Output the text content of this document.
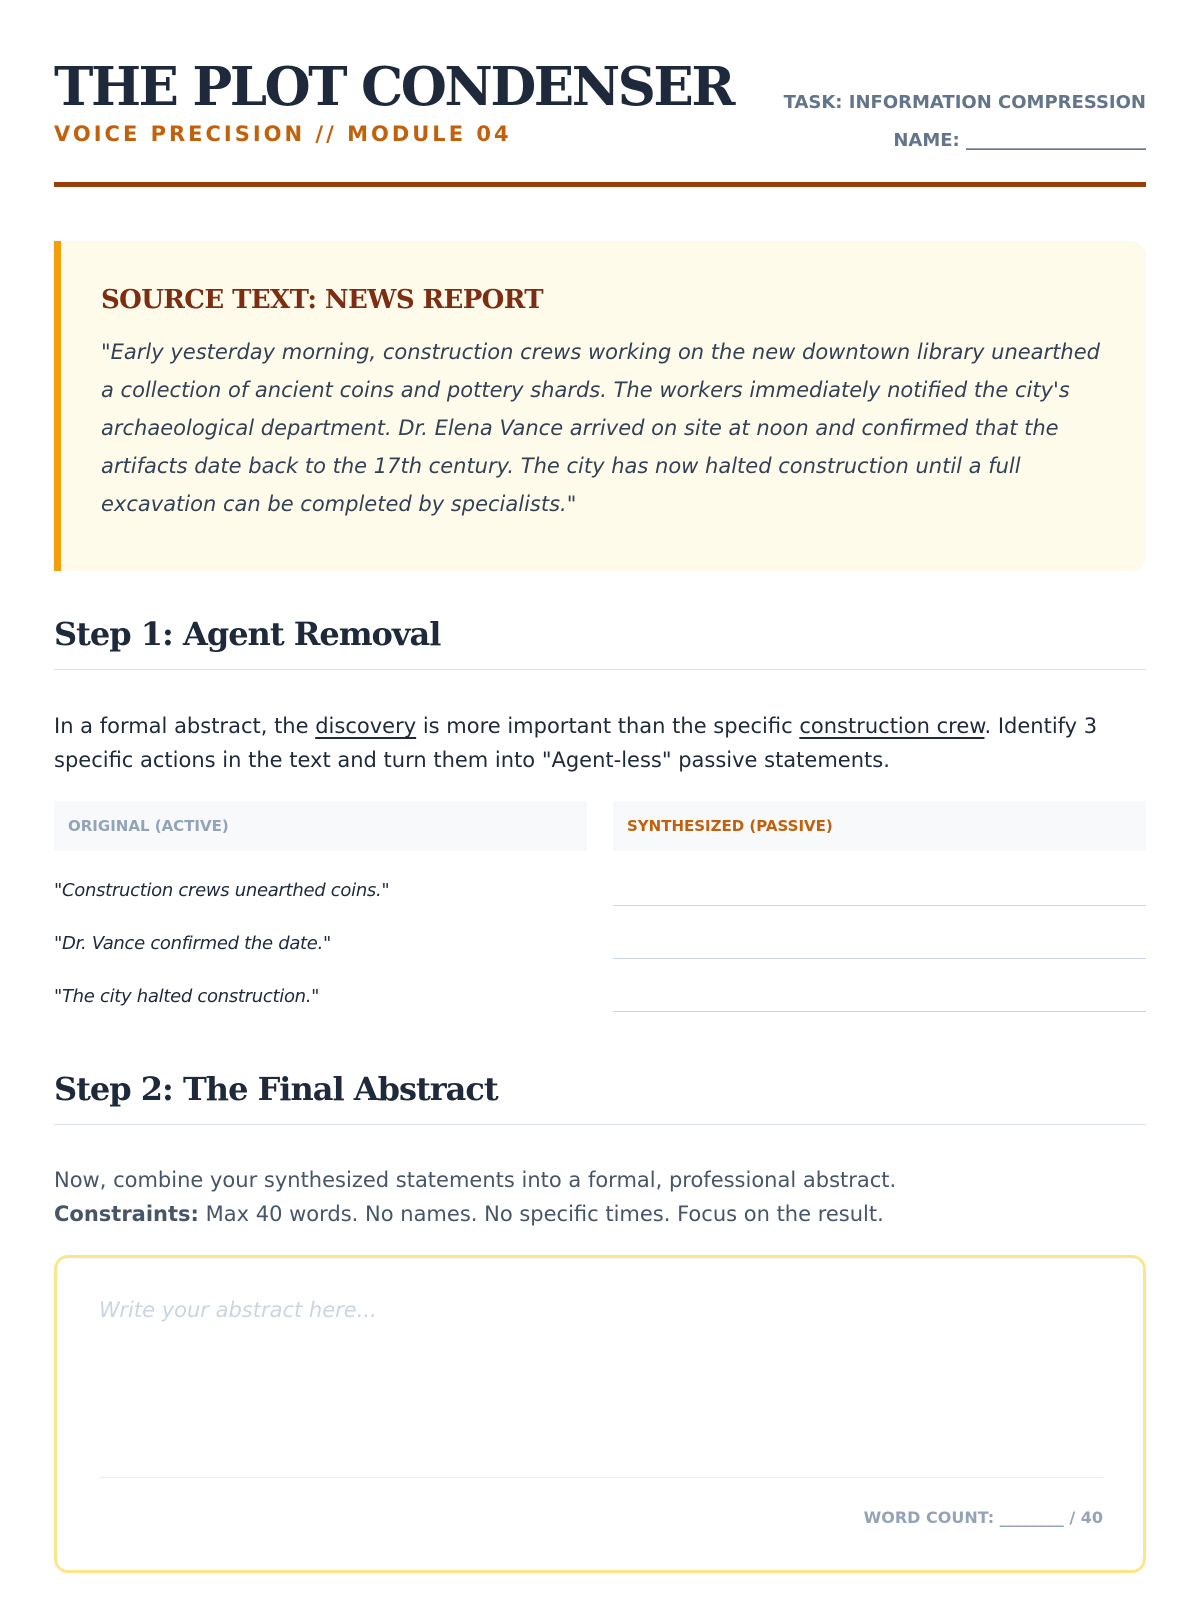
THE PLOT CONDENSER
VOICE PRECISION // MODULE 04
TASK: INFORMATION COMPRESSION
NAME: ____________________
SOURCE TEXT: NEWS REPORT

"Early yesterday morning, construction crews working on the new downtown library unearthed a collection of ancient coins and pottery shards. The workers immediately notified the city's archaeological department. Dr. Elena Vance arrived on site at noon and confirmed that the artifacts date back to the 17th century. The city has now halted construction until a full excavation can be completed by specialists."

Step 1: Agent Removal
In a formal abstract, the discovery is more important than the specific construction crew. Identify 3 specific actions in the text and turn them into "Agent-less" passive statements.
ORIGINAL (ACTIVE)	SYNTHESIZED (PASSIVE)
"Construction crews unearthed coins."
"Dr. Vance confirmed the date."
"The city halted construction."
Step 2: The Final Abstract
Now, combine your synthesized statements into a formal, professional abstract.
Constraints: Max 40 words. No names. No specific times. Focus on the result.
Write your abstract here...
WORD COUNT: ________ / 40
